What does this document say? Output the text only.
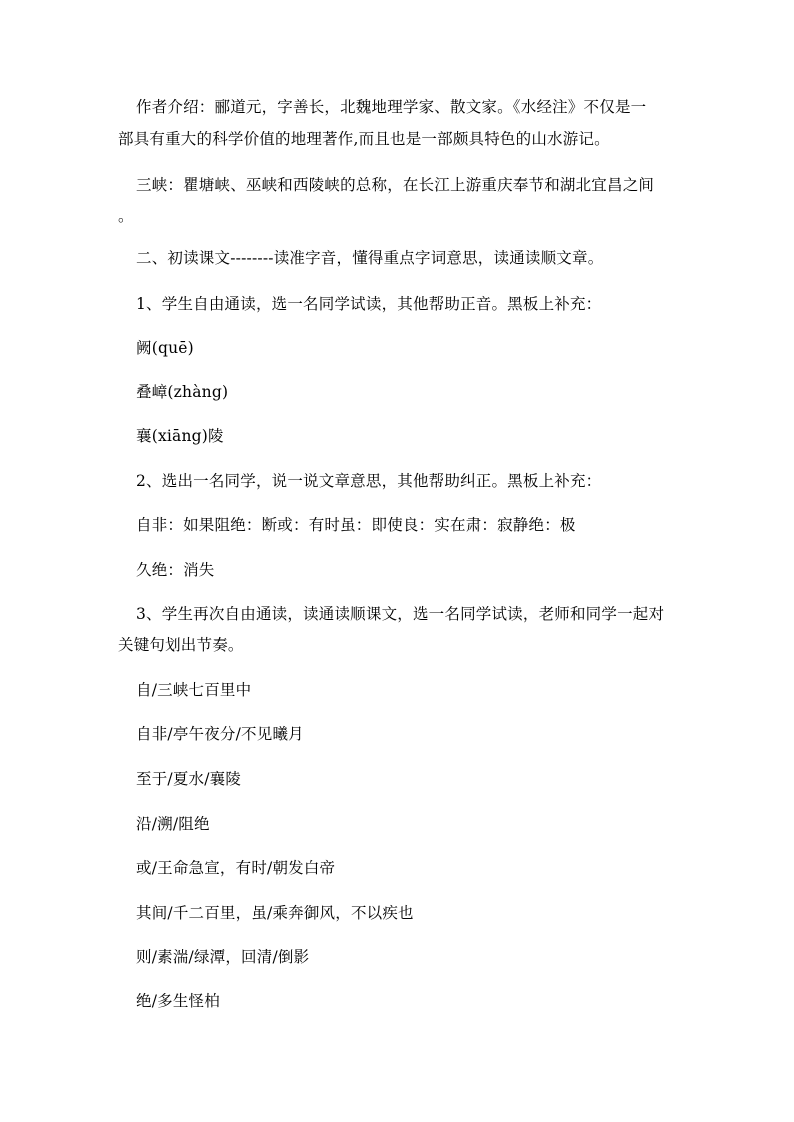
作者介绍：郦道元，字善长，北魏地理学家、散文家。《水经注》不仅是一
部具有重大的科学价值的地理著作,而且也是一部颇具特色的山水游记。
三峡：瞿塘峡、巫峡和西陵峡的总称，在长江上游重庆奉节和湖北宜昌之间
。
二、初读课文--------读准字音，懂得重点字词意思，读通读顺文章。
1、学生自由通读，选一名同学试读，其他帮助正音。黑板上补充：
阙(quē)
叠嶂(zhàng)
襄(xiāng)陵
2、选出一名同学，说一说文章意思，其他帮助纠正。黑板上补充：
自非：如果阻绝：断或：有时虽：即使良：实在肃：寂静绝：极
久绝：消失
3、学生再次自由通读，读通读顺课文，选一名同学试读，老师和同学一起对
关键句划出节奏。
自/三峡七百里中
自非/亭午夜分/不见曦月
至于/夏水/襄陵
沿/溯/阻绝
或/王命急宣，有时/朝发白帝
其间/千二百里，虽/乘奔御风，不以疾也
则/素湍/绿潭，回清/倒影
绝/多生怪柏
